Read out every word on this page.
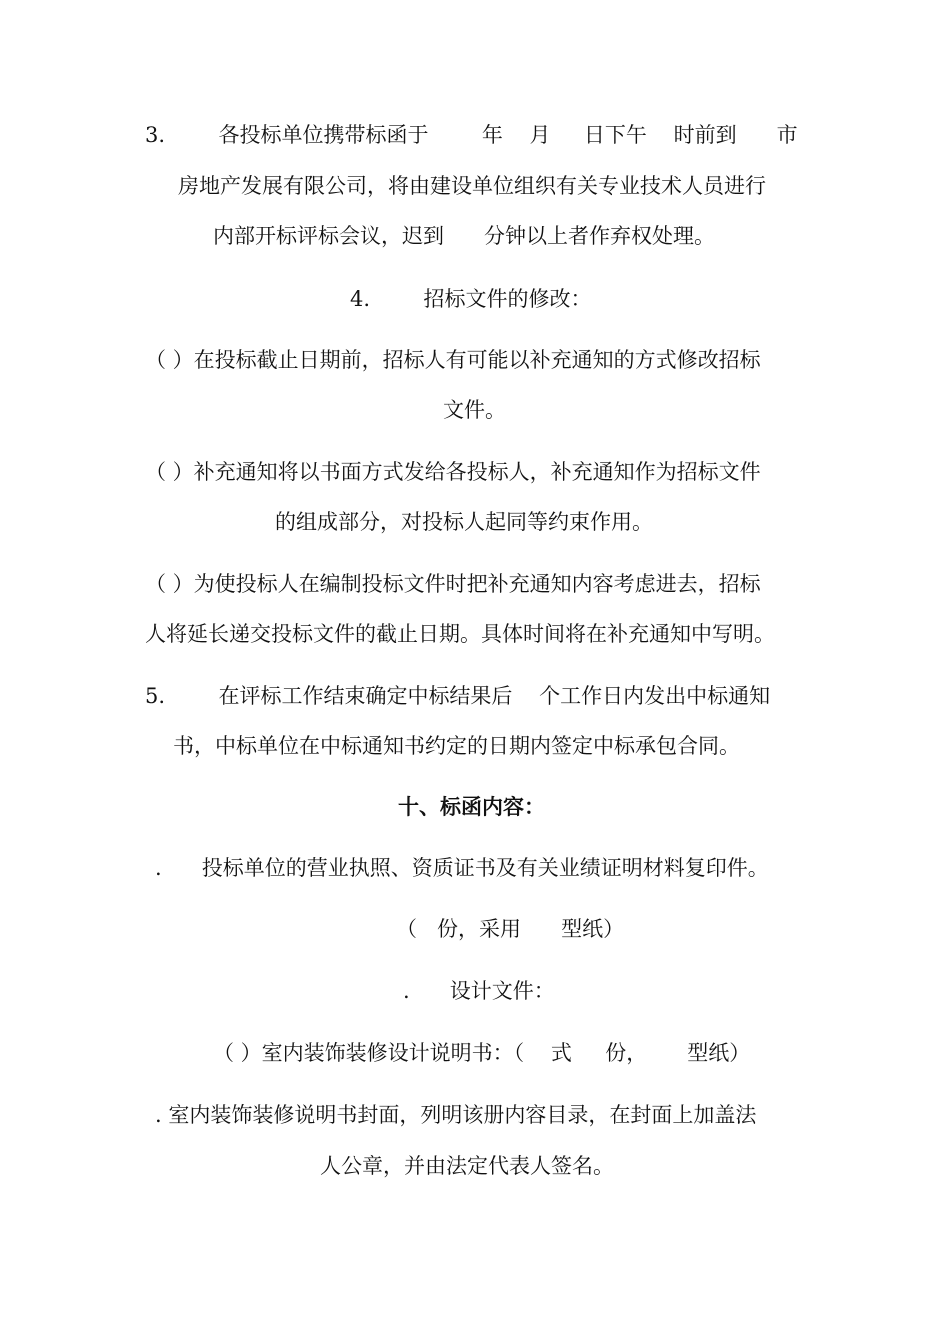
3.        各投标单位携带标函于        年    月     日下午    时前到      市
房地产发展有限公司，将由建设单位组织有关专业技术人员进行
内部开标评标会议，迟到      分钟以上者作弃权处理。
4.        招标文件的修改：
（ ）在投标截止日期前，招标人有可能以补充通知的方式修改招标
文件。
（ ）补充通知将以书面方式发给各投标人，补充通知作为招标文件
的组成部分，对投标人起同等约束作用。
（ ）为使投标人在编制投标文件时把补充通知内容考虑进去，招标
人将延长递交投标文件的截止日期。具体时间将在补充通知中写明。
5.        在评标工作结束确定中标结果后    个工作日内发出中标通知
书，中标单位在中标通知书约定的日期内签定中标承包合同。
十、标函内容：
.      投标单位的营业执照、资质证书及有关业绩证明材料复印件。
（   份，采用      型纸）
.      设计文件：
（ ）室内装饰装修设计说明书：（    式     份，      型纸）
. 室内装饰装修说明书封面，列明该册内容目录，在封面上加盖法
人公章，并由法定代表人签名。
